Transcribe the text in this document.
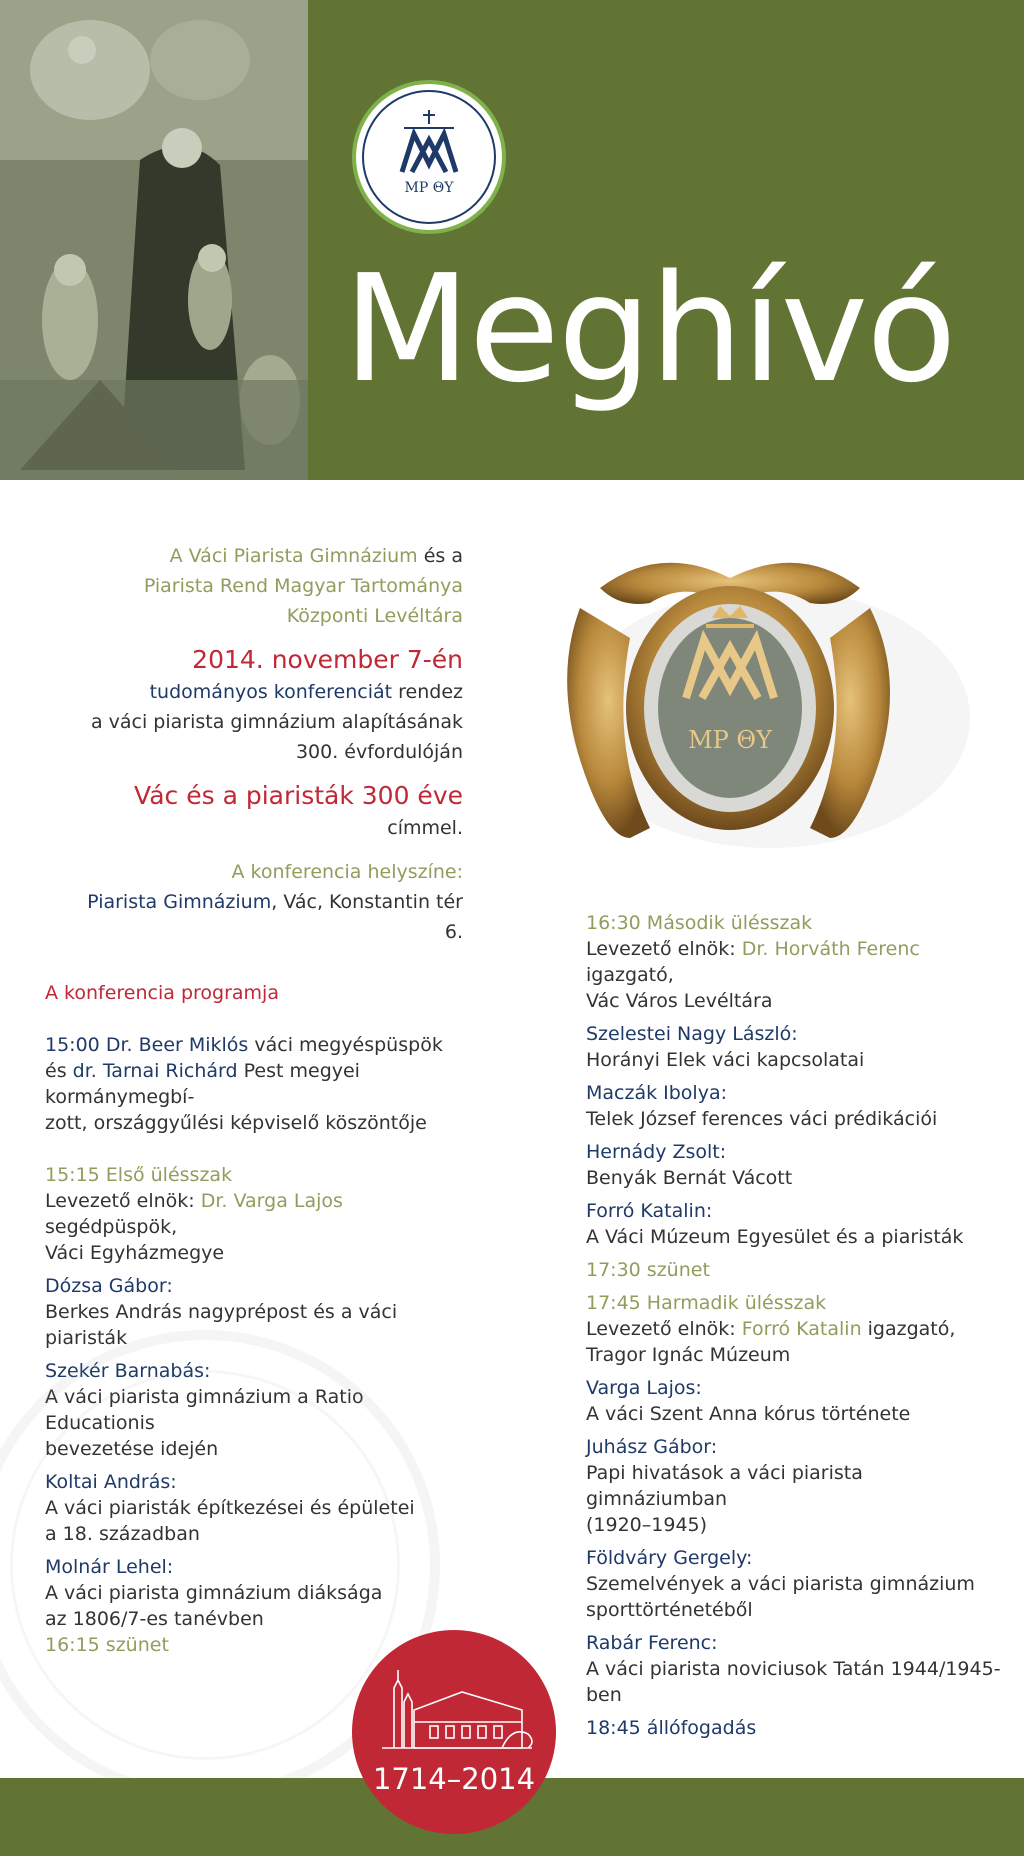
ΜΡ ΘΥ
Meghívó

A Váci Piarista Gimnázium és a

Piarista Rend Magyar Tartománya

Központi Levéltára

2014. november 7-én

tudományos konferenciát rendez

a váci piarista gimnázium alapításának

300. évfordulóján

Vác és a piaristák 300 éve címmel.

A konferencia helyszíne:

Piarista Gimnázium, Vác, Konstantin tér 6.

ΜΡ ΘΥ

A konferencia programja

15:00 Dr. Beer Miklós váci megyéspüspök

és dr. Tarnai Richárd Pest megyei kormánymegbí-

zott, országgyűlési képviselő köszöntője

15:15 Első ülésszak

Levezető elnök: Dr. Varga Lajos segédpüspök,

Váci Egyházmegye

Dózsa Gábor:

Berkes András nagyprépost és a váci piaristák

Szekér Barnabás:

A váci piarista gimnázium a Ratio Educationis

bevezetése idején

Koltai András:

A váci piaristák építkezései és épületei

a 18. században

Molnár Lehel:

A váci piarista gimnázium diáksága

az 1806/7-es tanévben

16:15 szünet

16:30 Második ülésszak

Levezető elnök: Dr. Horváth Ferenc igazgató,

Vác Város Levéltára

Szelestei Nagy László:

Horányi Elek váci kapcsolatai

Maczák Ibolya:

Telek József ferences váci prédikációi

Hernády Zsolt:

Benyák Bernát Vácott

Forró Katalin:

A Váci Múzeum Egyesület és a piaristák

17:30 szünet

17:45 Harmadik ülésszak

Levezető elnök: Forró Katalin igazgató,

Tragor Ignác Múzeum

Varga Lajos:

A váci Szent Anna kórus története

Juhász Gábor:

Papi hivatások a váci piarista gimnáziumban

(1920–1945)

Földváry Gergely:

Szemelvények a váci piarista gimnázium

sporttörténetéből

Rabár Ferenc:

A váci piarista noviciusok Tatán 1944/1945-ben

18:45 állófogadás

1714–2014
